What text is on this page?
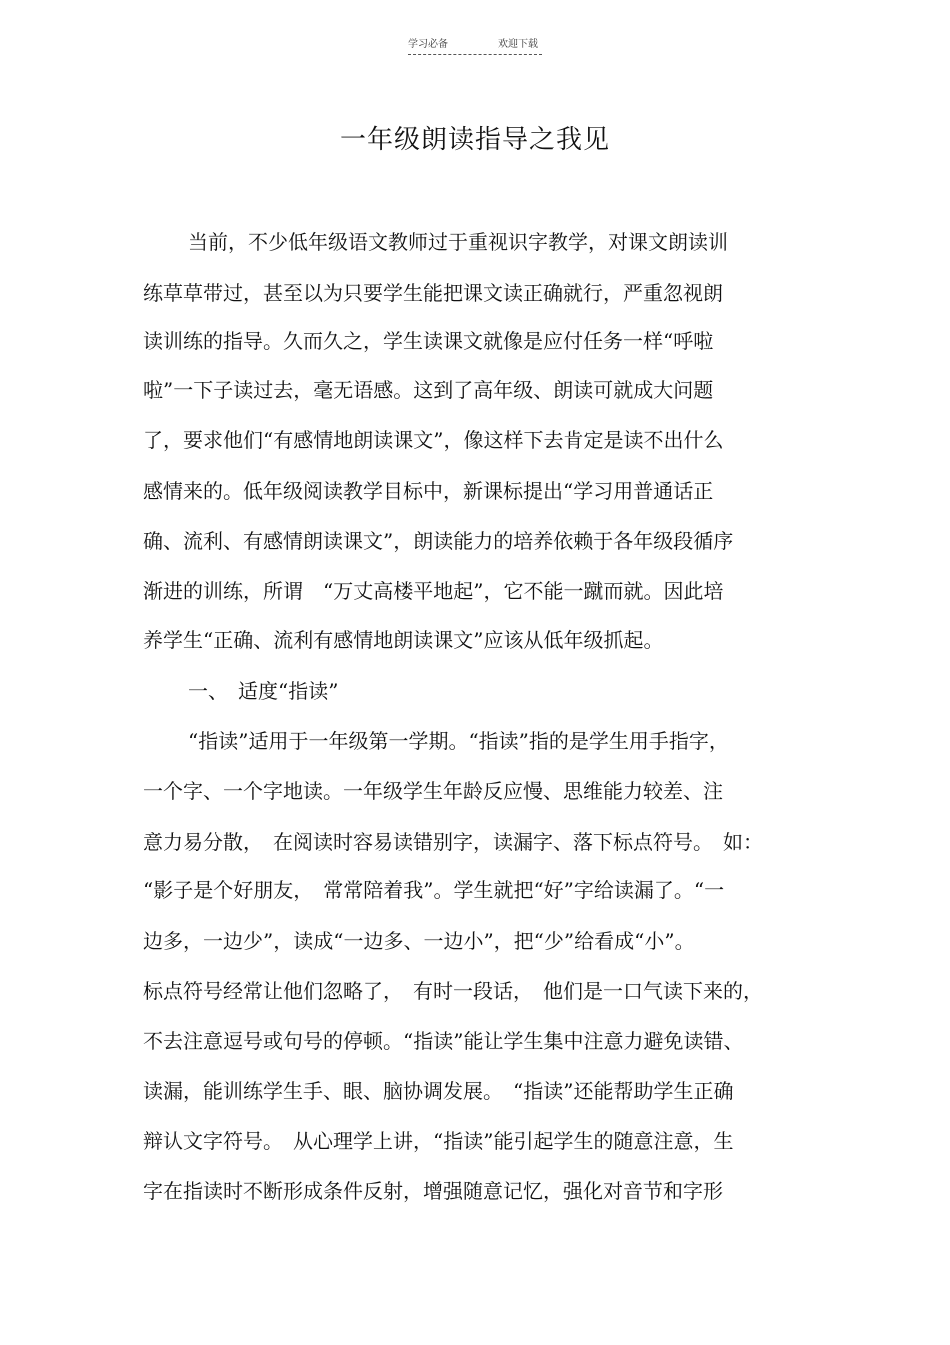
学习必备	欢迎下载
一年级朗读指导之我见
当前，不少低年级语文教师过于重视识字教学，对课文朗读训
练草草带过，甚至以为只要学生能把课文读正确就行，严重忽视朗
读训练的指导。久而久之，学生读课文就像是应付任务一样“呼啦
啦”一下子读过去，毫无语感。这到了高年级、朗读可就成大问题
了，要求他们“有感情地朗读课文”，像这样下去肯定是读不出什么
感情来的。低年级阅读教学目标中，新课标提出“学习用普通话正
确、流利、有感情朗读课文”，朗读能力的培养依赖于各年级段循序
渐进的训练，所谓　“万丈高楼平地起”，它不能一蹴而就。因此培
养学生“正确、流利有感情地朗读课文”应该从低年级抓起。
一、　适度“指读”
“指读”适用于一年级第一学期。“指读”指的是学生用手指字，
一个字、一个字地读。一年级学生年龄反应慢、思维能力较差、注
意力易分散，　在阅读时容易读错别字，读漏字、落下标点符号。　如：
“影子是个好朋友，　常常陪着我”。学生就把“好”字给读漏了。“一
边多，一边少”，读成“一边多、一边小”，把“少”给看成“小”。
标点符号经常让他们忽略了，　有时一段话，　他们是一口气读下来的，
不去注意逗号或句号的停顿。“指读”能让学生集中注意力避免读错、
读漏，能训练学生手、眼、脑协调发展。　“指读”还能帮助学生正确
辩认文字符号。　从心理学上讲，“指读”能引起学生的随意注意，生
字在指读时不断形成条件反射，增强随意记忆，强化对音节和字形
